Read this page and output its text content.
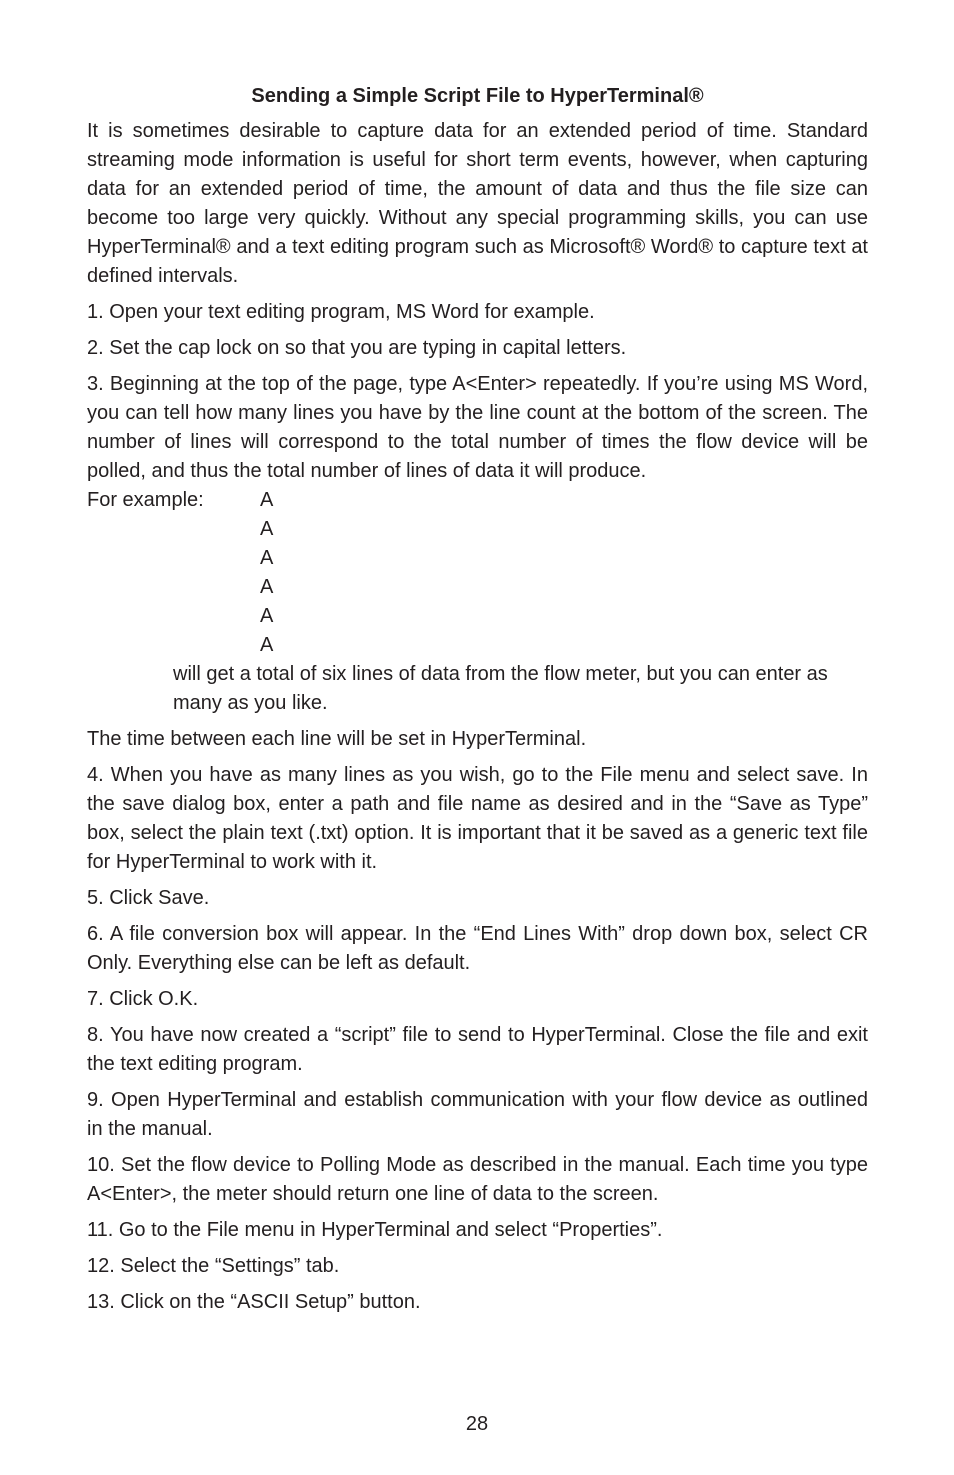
Sending a Simple Script File to HyperTerminal®

It is sometimes desirable to capture data for an extended period of time. Standard streaming mode information is useful for short term events, however, when capturing data for an extended period of time, the amount of data and thus the file size can become too large very quickly. Without any special programming skills, you can use HyperTerminal® and a text editing program such as Microsoft® Word® to capture text at defined intervals.

1. Open your text editing program, MS Word for example.

2. Set the cap lock on so that you are typing in capital letters.

3. Beginning at the top of the page, type A<Enter> repeatedly. If you’re using MS Word, you can tell how many lines you have by the line count at the bottom of the screen. The number of lines will correspond to the total number of times the flow device will be polled, and thus the total number of lines of data it will produce.

For example:	A
A
A
A
A
A

will get a total of six lines of data from the flow meter, but you can enter as many as you like.

The time between each line will be set in HyperTerminal.

4. When you have as many lines as you wish, go to the File menu and select save. In the save dialog box, enter a path and file name as desired and in the “Save as Type” box, select the plain text (.txt) option. It is important that it be saved as a generic text file for HyperTerminal to work with it.

5. Click Save.

6. A file conversion box will appear. In the “End Lines With” drop down box, select CR Only. Everything else can be left as default.

7. Click O.K.

8. You have now created a “script” file to send to HyperTerminal. Close the file and exit the text editing program.

9. Open HyperTerminal and establish communication with your flow device as outlined in the manual.

10. Set the flow device to Polling Mode as described in the manual. Each time you type A<Enter>, the meter should return one line of data to the screen.

11. Go to the File menu in HyperTerminal and select “Properties”.

12. Select the “Settings” tab.

13. Click on the “ASCII Setup” button.

28
